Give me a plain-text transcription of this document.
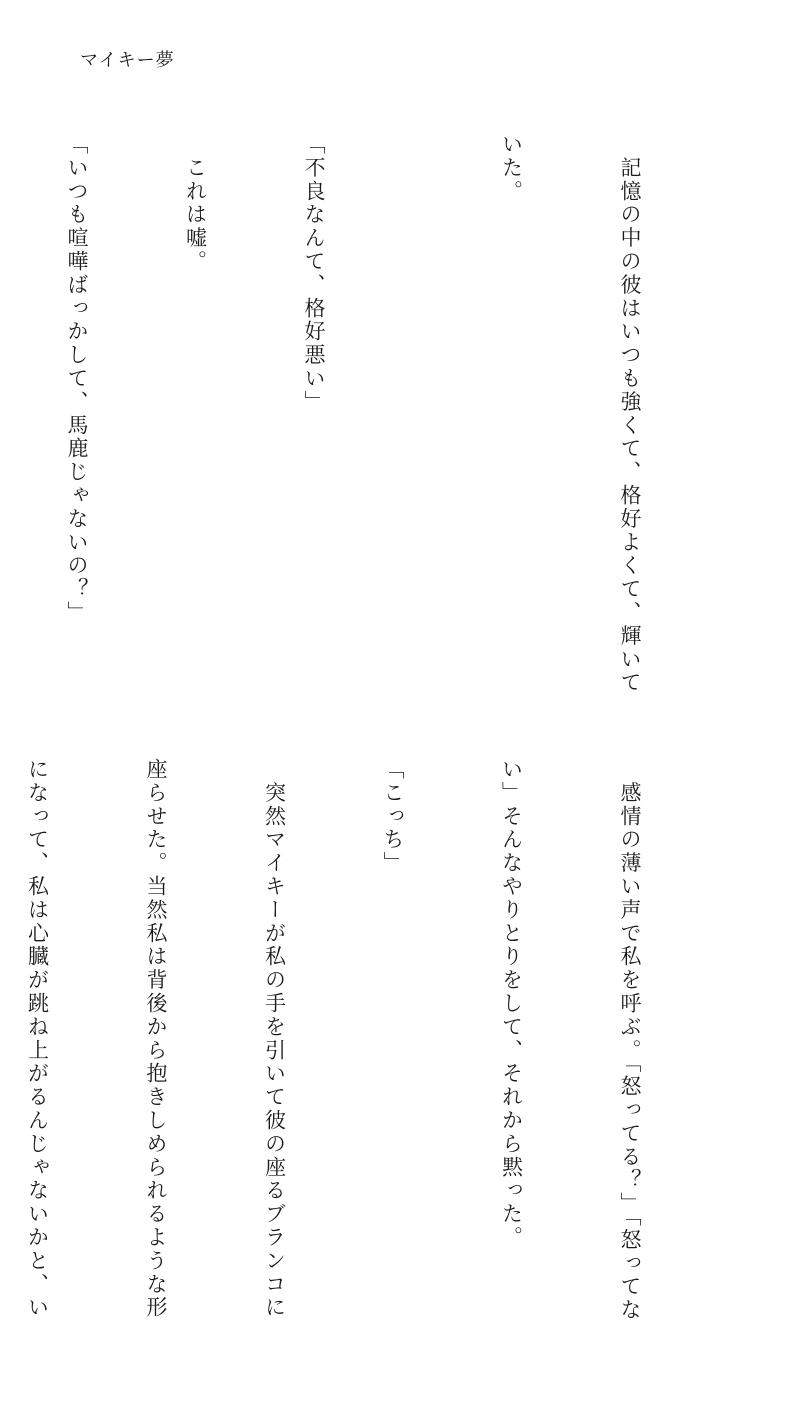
マイキー夢

　記憶の中の彼はいつも強くて、格好よくて、輝いて

いた。

「不良なんて、格好悪い」

　これは嘘。

「いつも喧嘩ばっかして、馬鹿じゃないの？」

　感情の薄い声で私を呼ぶ。「怒ってる？」「怒ってな

い」そんなやりとりをして、それから黙った。

「こっち」

　突然マイキーが私の手を引いて彼の座るブランコに

座らせた。当然私は背後から抱きしめられるような形

になって、私は心臓が跳ね上がるんじゃないかと、い
